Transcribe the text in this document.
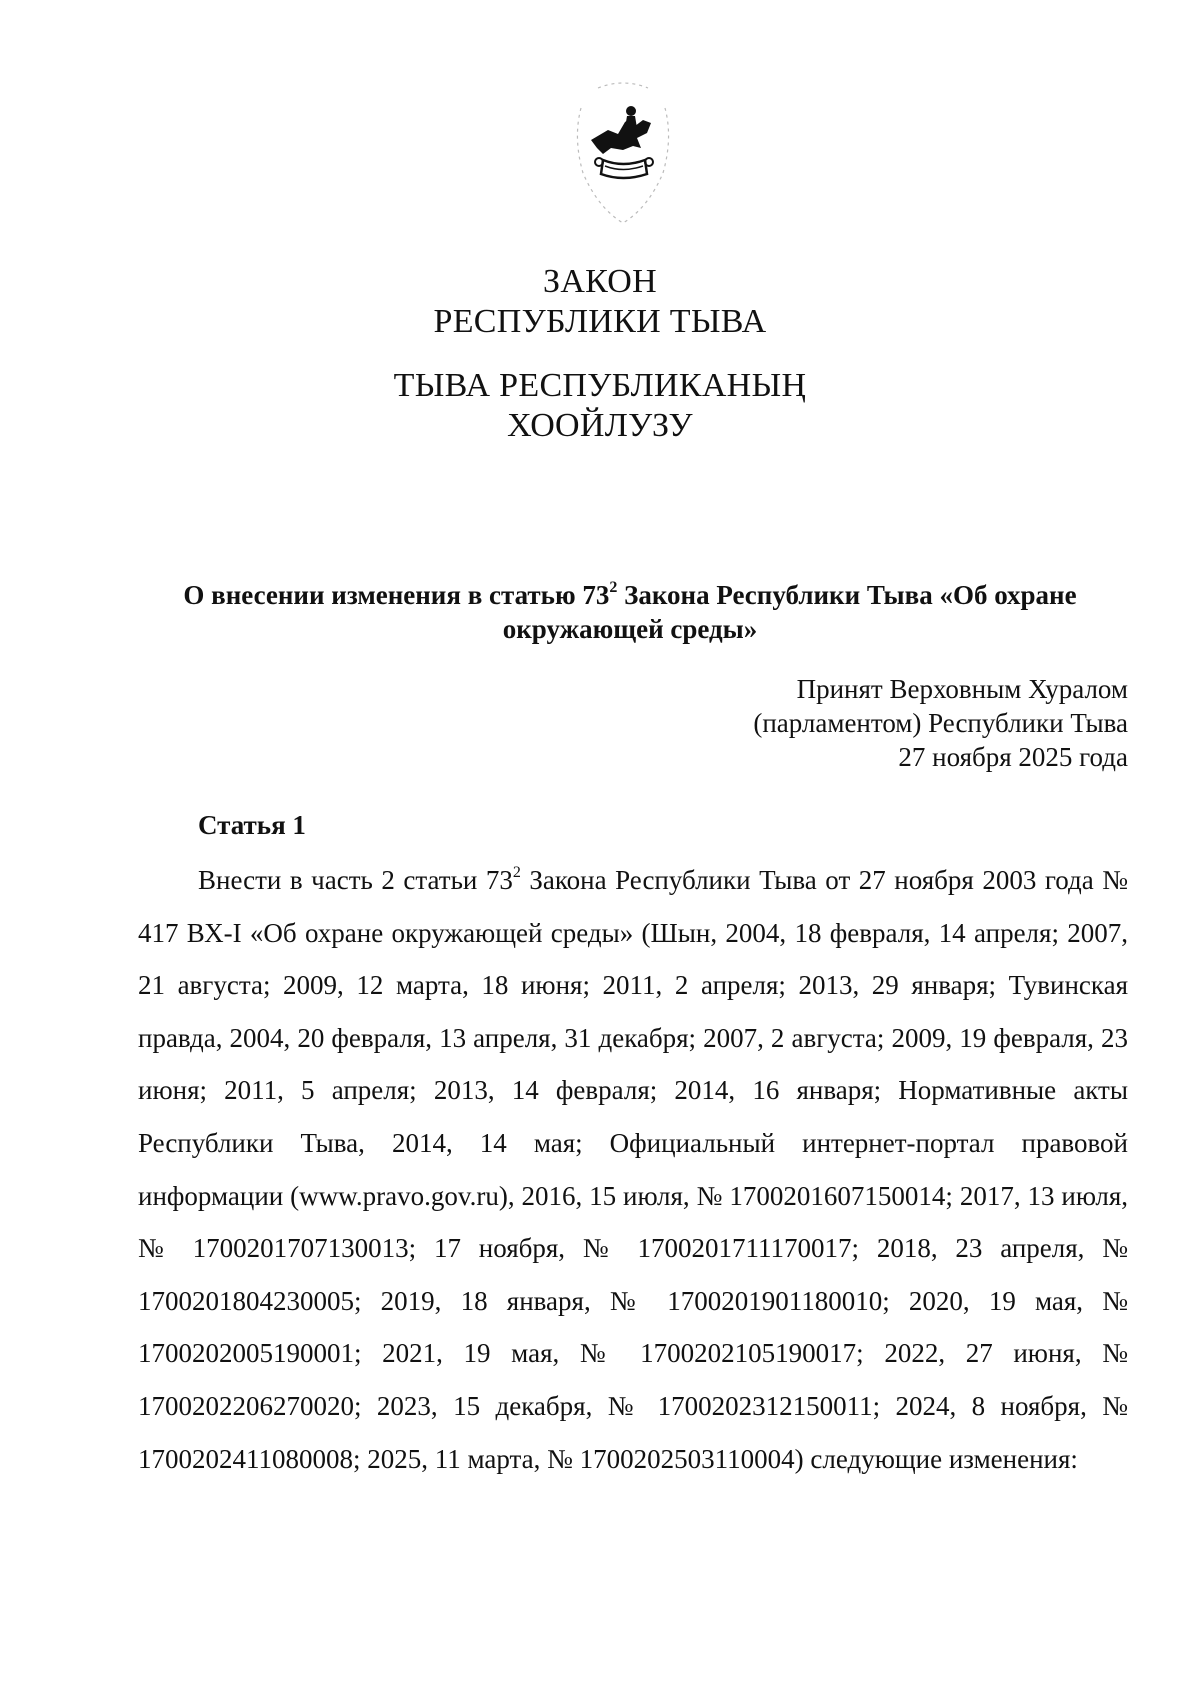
ЗАКОН
РЕСПУБЛИКИ ТЫВА
ТЫВА РЕСПУБЛИКАНЫҢ
ХООЙЛУЗУ
О внесении изменения в статью $73^2$ Закона Республики Тыва «Об охране окружающей среды»
Принят Верховным Хуралом
(парламентом) Республики Тыва
27 ноября 2025 года
Статья 1
Внести в часть 2 статьи $73^2$ Закона Республики Тыва от 27 ноября 2003 года № 417 ВХ-I «Об охране окружающей среды» (Шын, 2004, 18 февраля, 14 апреля; 2007, 21 августа; 2009, 12 марта, 18 июня; 2011, 2 апреля; 2013, 29 января; Тувинская правда, 2004, 20 февраля, 13 апреля, 31 декабря; 2007, 2 августа; 2009, 19 февраля, 23 июня; 2011, 5 апреля; 2013, 14 февраля; 2014, 16 января; Нормативные акты Республики Тыва, 2014, 14 мая; Официальный интернет-портал правовой информации (www.pravo.gov.ru), 2016, 15 июля, № 1700201607150014; 2017, 13 июля, № 1700201707130013; 17 ноября, № 1700201711170017; 2018, 23 апреля, № 1700201804230005; 2019, 18 января, № 1700201901180010; 2020, 19 мая, № 1700202005190001; 2021, 19 мая, № 1700202105190017; 2022, 27 июня, № 1700202206270020; 2023, 15 декабря, № 1700202312150011; 2024, 8 ноября, № 1700202411080008; 2025, 11 марта, № 1700202503110004) следующие изменения:
